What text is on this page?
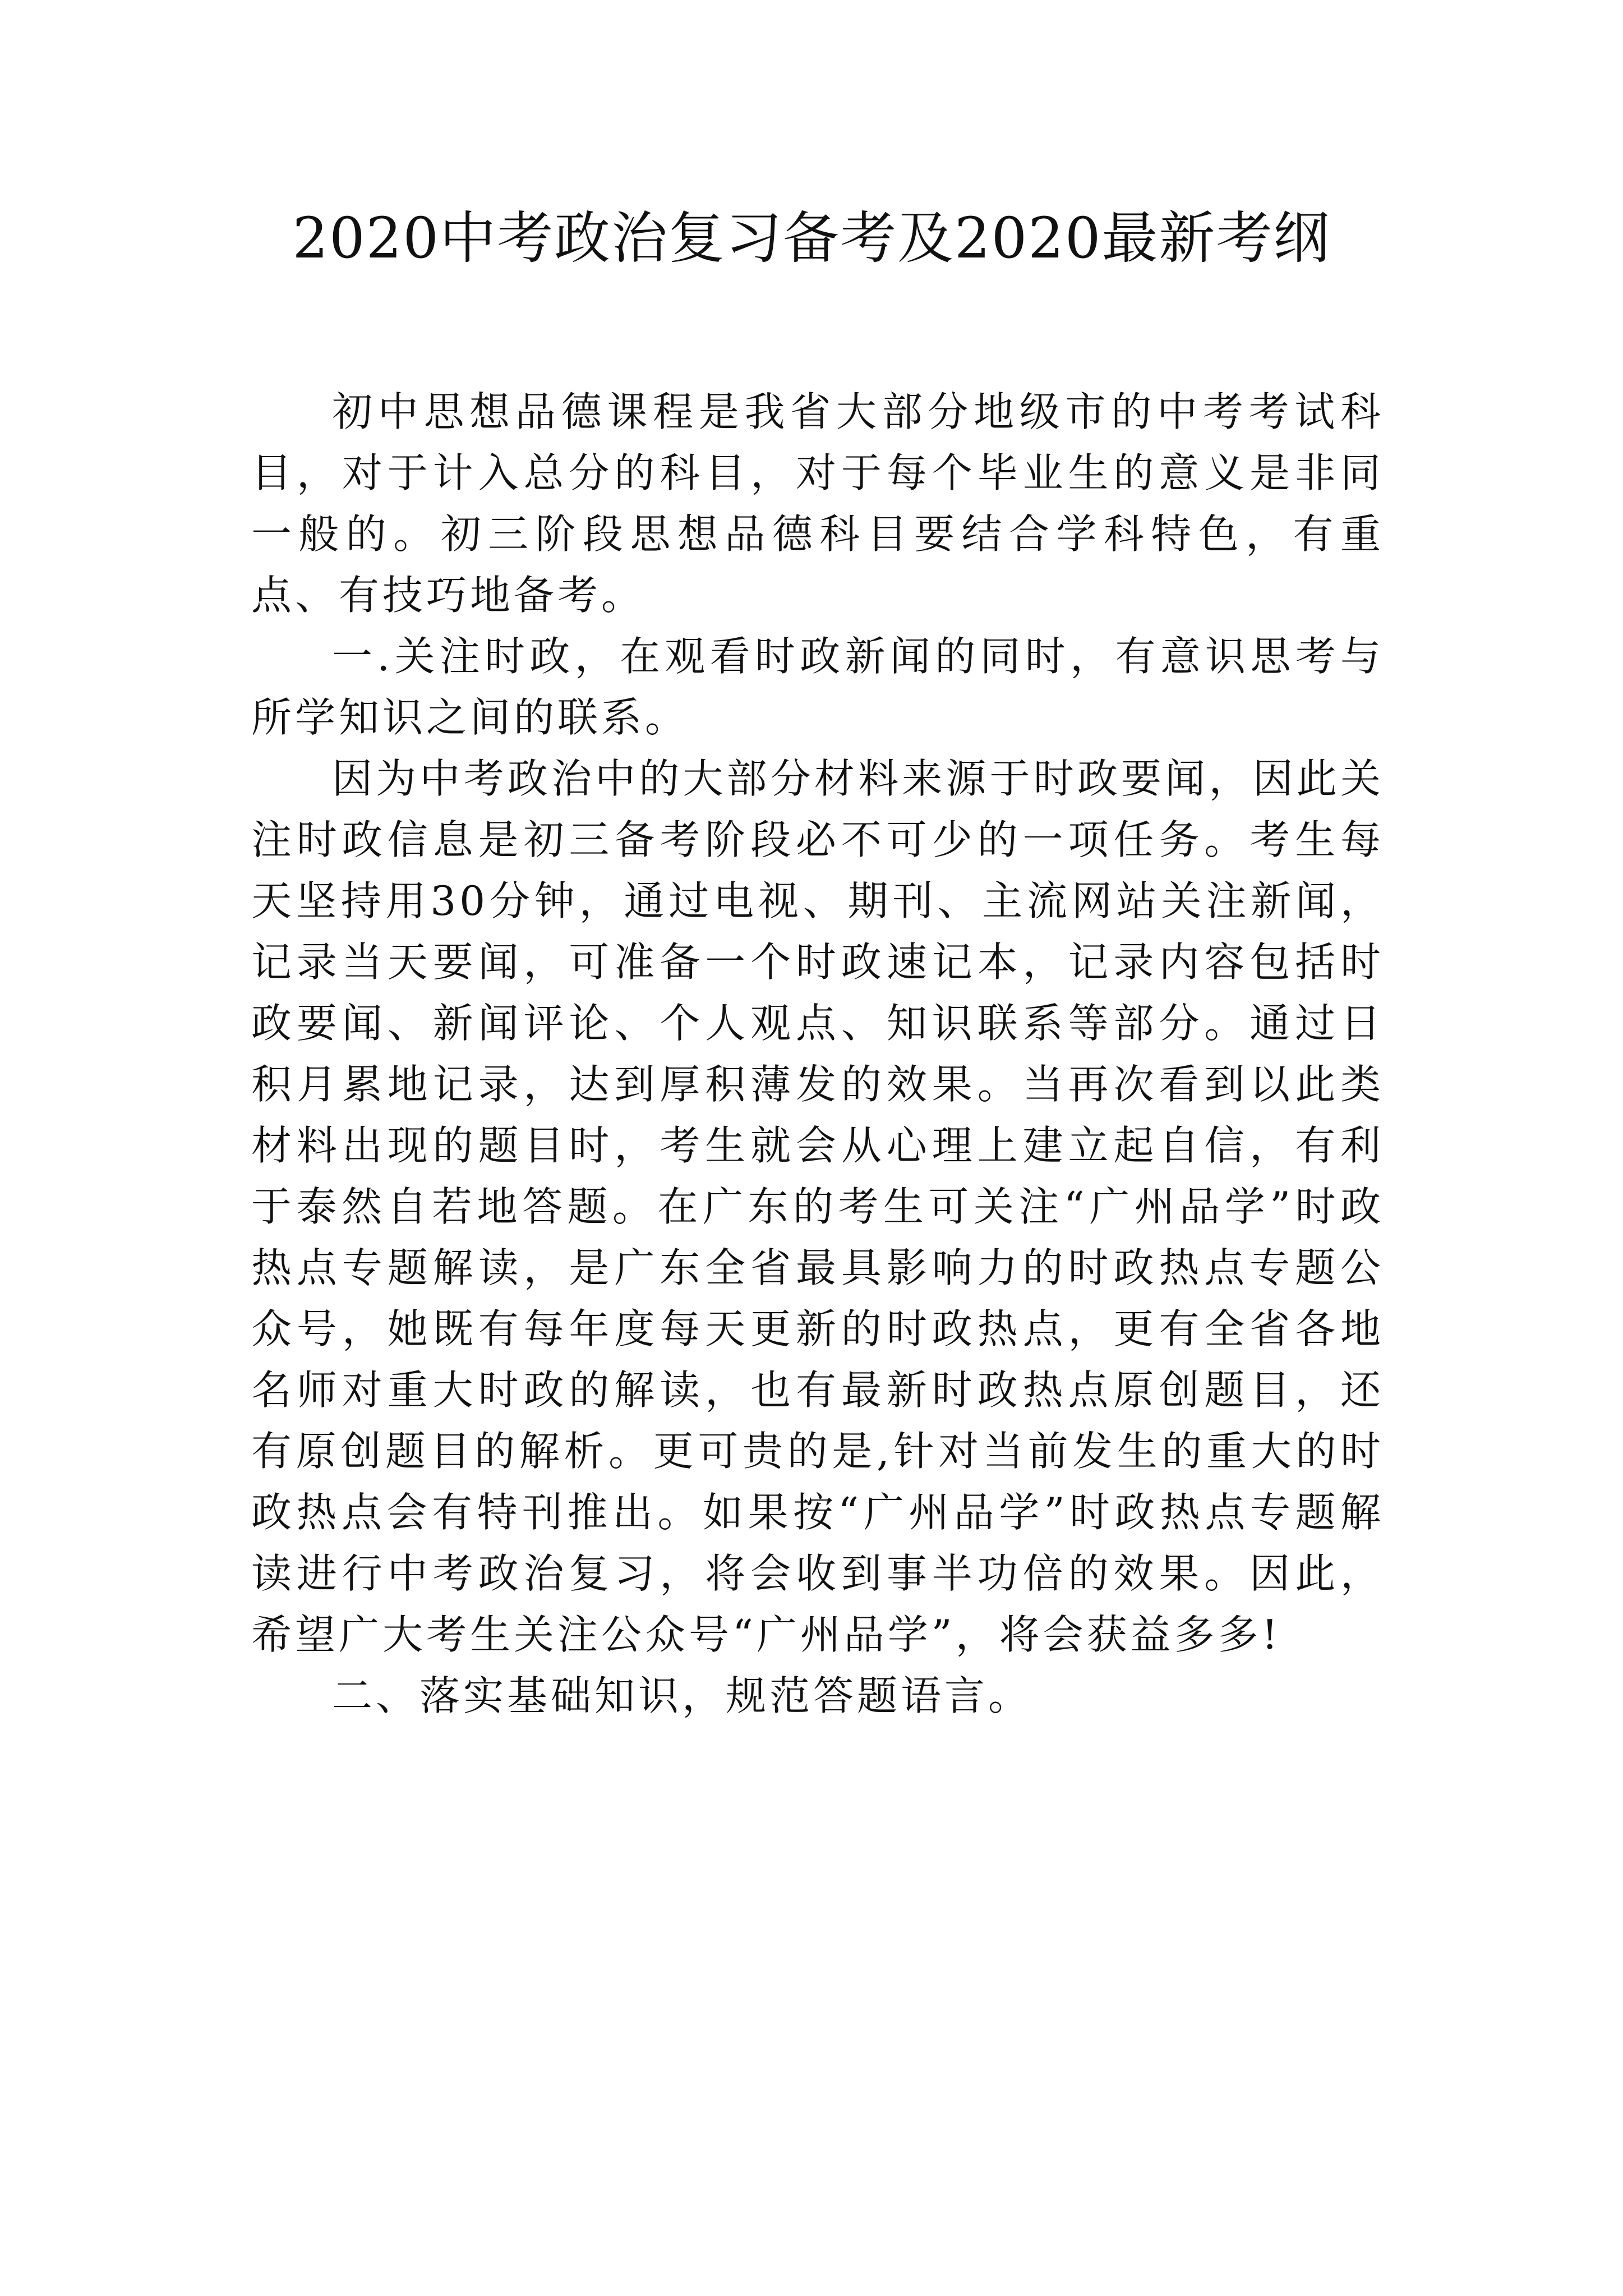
2020中考政治复习备考及2020最新考纲

初中思想品德课程是我省大部分地级市的中考考试科目，对于计入总分的科目，对于每个毕业生的意义是非同一般的。初三阶段思想品德科目要结合学科特色，有重点、有技巧地备考。

一.关注时政，在观看时政新闻的同时，有意识思考与所学知识之间的联系。

因为中考政治中的大部分材料来源于时政要闻，因此关注时政信息是初三备考阶段必不可少的一项任务。考生每天坚持用30分钟，通过电视、期刊、主流网站关注新闻，记录当天要闻，可准备一个时政速记本，记录内容包括时政要闻、新闻评论、个人观点、知识联系等部分。通过日积月累地记录，达到厚积薄发的效果。当再次看到以此类材料出现的题目时，考生就会从心理上建立起自信，有利于泰然自若地答题。在广东的考生可关注“广州品学”时政热点专题解读，是广东全省最具影响力的时政热点专题公众号，她既有每年度每天更新的时政热点，更有全省各地名师对重大时政的解读，也有最新时政热点原创题目，还有原创题目的解析。更可贵的是,针对当前发生的重大的时政热点会有特刊推出。如果按“广州品学”时政热点专题解读进行中考政治复习，将会收到事半功倍的效果。因此，希望广大考生关注公众号“广州品学”，将会获益多多!

二、落实基础知识，规范答题语言。
